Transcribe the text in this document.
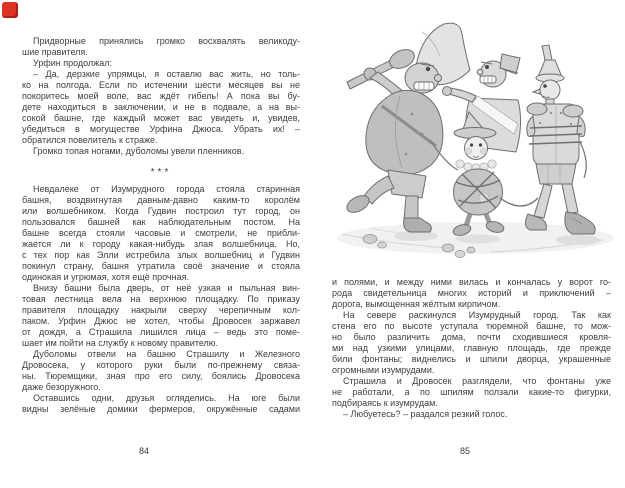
Придворные принялись громко восхвалять великоду-
шие правителя.
Урфин продолжал:
– Да, дерзкие упрямцы, я оставлю вас жить, но толь-
ко на полгода. Если по истечении шести месяцев вы не
покоритесь моей воле, вас ждёт гибель! А пока вы бу-
дете находиться в заключении, и не в подвале, а на вы-
сокой башне, где каждый может вас увидеть и, увидев,
убедиться в могуществе Урфина Джюса. Убрать их! –
обратился повелитель к страже.
Громко топая ногами, дуболомы увели пленников.
***
Невдалеке от Изумрудного города стояла старинная
башня, воздвигнутая давным-давно каким-то королём
или волшебником. Когда Гудвин построил тут город, он
пользовался башней как наблюдательным постом. На
башне всегда стояли часовые и смотрели, не прибли-
жается ли к городу какая-нибудь злая волшебница. Но,
с тех пор как Элли истребила злых волшебниц и Гудвин
покинул страну, башня утратила своё значение и стояла
одинокая и угрюмая, хотя ещё прочная.
Внизу башни была дверь, от неё узкая и пыльная вин-
товая лестница вела на верхнюю площадку. По приказу
правителя площадку накрыли сверху черепичным кол-
паком. Урфин Джюс не хотел, чтобы Дровосек заржавел
от дождя, а Страшила лишился лица – ведь это поме-
шает им пойти на службу к новому правителю.
Дуболомы отвели на башню Страшилу и Железного
Дровосека, у которого руки были по-прежнему связа-
ны. Тюремщики, зная про его силу, боялись Дровосека
даже безоружного.
Оставшись одни, друзья огляделись. На юге были
видны зелёные домики фермеров, окружённые садами
84
и полями, и между ними вилась и кончалась у ворот го-
рода свидетельница многих историй и приключений –
дорога, вымощенная жёлтым кирпичом.
На севере раскинулся Изумрудный город. Так как
стена его по высоте уступала тюремной башне, то мож-
но было различить дома, почти сходившиеся кровля-
ми над узкими улицами, главную площадь, где прежде
били фонтаны; виднелись и шпили дворца, украшенные
огромными изумрудами.
Страшила и Дровосек разглядели, что фонтаны уже
не работали, а по шпилям ползали какие-то фигурки,
подбираясь к изумрудам.
– Любуетесь? – раздался резкий голос.
85
